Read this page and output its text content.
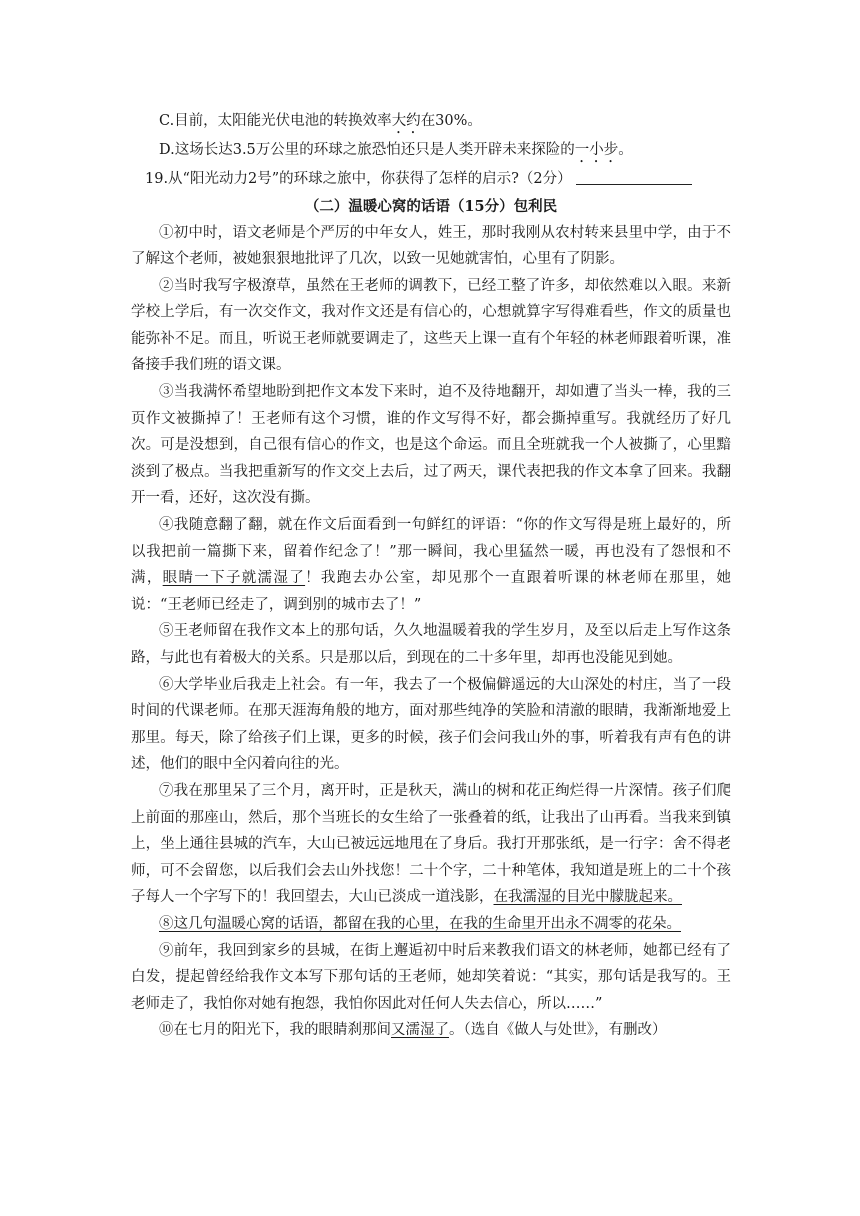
C.目前，太阳能光伏电池的转换效率大约在30%。

D.这场长达3.5万公里的环球之旅恐怕还只是人类开辟未来探险的一小步。

19.从“阳光动力2号”的环球之旅中，你获得了怎样的启示?（2分）

（二）温暖心窝的话语（15分）包利民

①初中时，语文老师是个严厉的中年女人，姓王，那时我刚从农村转来县里中学，由于不了解这个老师，被她狠狠地批评了几次，以致一见她就害怕，心里有了阴影。

②当时我写字极潦草，虽然在王老师的调教下，已经工整了许多，却依然难以入眼。来新学校上学后，有一次交作文，我对作文还是有信心的，心想就算字写得难看些，作文的质量也能弥补不足。而且，听说王老师就要调走了，这些天上课一直有个年轻的林老师跟着听课，准备接手我们班的语文课。

③当我满怀希望地盼到把作文本发下来时，迫不及待地翻开，却如遭了当头一棒，我的三页作文被撕掉了！王老师有这个习惯，谁的作文写得不好，都会撕掉重写。我就经历了好几次。可是没想到，自己很有信心的作文，也是这个命运。而且全班就我一个人被撕了，心里黯淡到了极点。当我把重新写的作文交上去后，过了两天，课代表把我的作文本拿了回来。我翻开一看，还好，这次没有撕。

④我随意翻了翻，就在作文后面看到一句鲜红的评语：“你的作文写得是班上最好的，所以我把前一篇撕下来，留着作纪念了！”那一瞬间，我心里猛然一暖，再也没有了怨恨和不满，眼睛一下子就濡湿了！我跑去办公室，却见那个一直跟着听课的林老师在那里，她说：“王老师已经走了，调到别的城市去了！”

⑤王老师留在我作文本上的那句话，久久地温暖着我的学生岁月，及至以后走上写作这条路，与此也有着极大的关系。只是那以后，到现在的二十多年里，却再也没能见到她。

⑥大学毕业后我走上社会。有一年，我去了一个极偏僻遥远的大山深处的村庄，当了一段时间的代课老师。在那天涯海角般的地方，面对那些纯净的笑脸和清澈的眼睛，我渐渐地爱上那里。每天，除了给孩子们上课，更多的时候，孩子们会问我山外的事，听着我有声有色的讲述，他们的眼中全闪着向往的光。

⑦我在那里呆了三个月，离开时，正是秋天，满山的树和花正绚烂得一片深情。孩子们爬上前面的那座山，然后，那个当班长的女生给了一张叠着的纸，让我出了山再看。当我来到镇上，坐上通往县城的汽车，大山已被远远地甩在了身后。我打开那张纸，是一行字：舍不得老师，可不会留您，以后我们会去山外找您！二十个字，二十种笔体，我知道是班上的二十个孩子每人一个字写下的！我回望去，大山已淡成一道浅影，在我濡湿的目光中朦胧起来。

⑧这几句温暖心窝的话语，都留在我的心里，在我的生命里开出永不凋零的花朵。

⑨前年，我回到家乡的县城，在街上邂逅初中时后来教我们语文的林老师，她都已经有了白发，提起曾经给我作文本写下那句话的王老师，她却笑着说：“其实，那句话是我写的。王老师走了，我怕你对她有抱怨，我怕你因此对任何人失去信心，所以……”

⑩在七月的阳光下，我的眼睛刹那间又濡湿了。（选自《做人与处世》，有删改）
